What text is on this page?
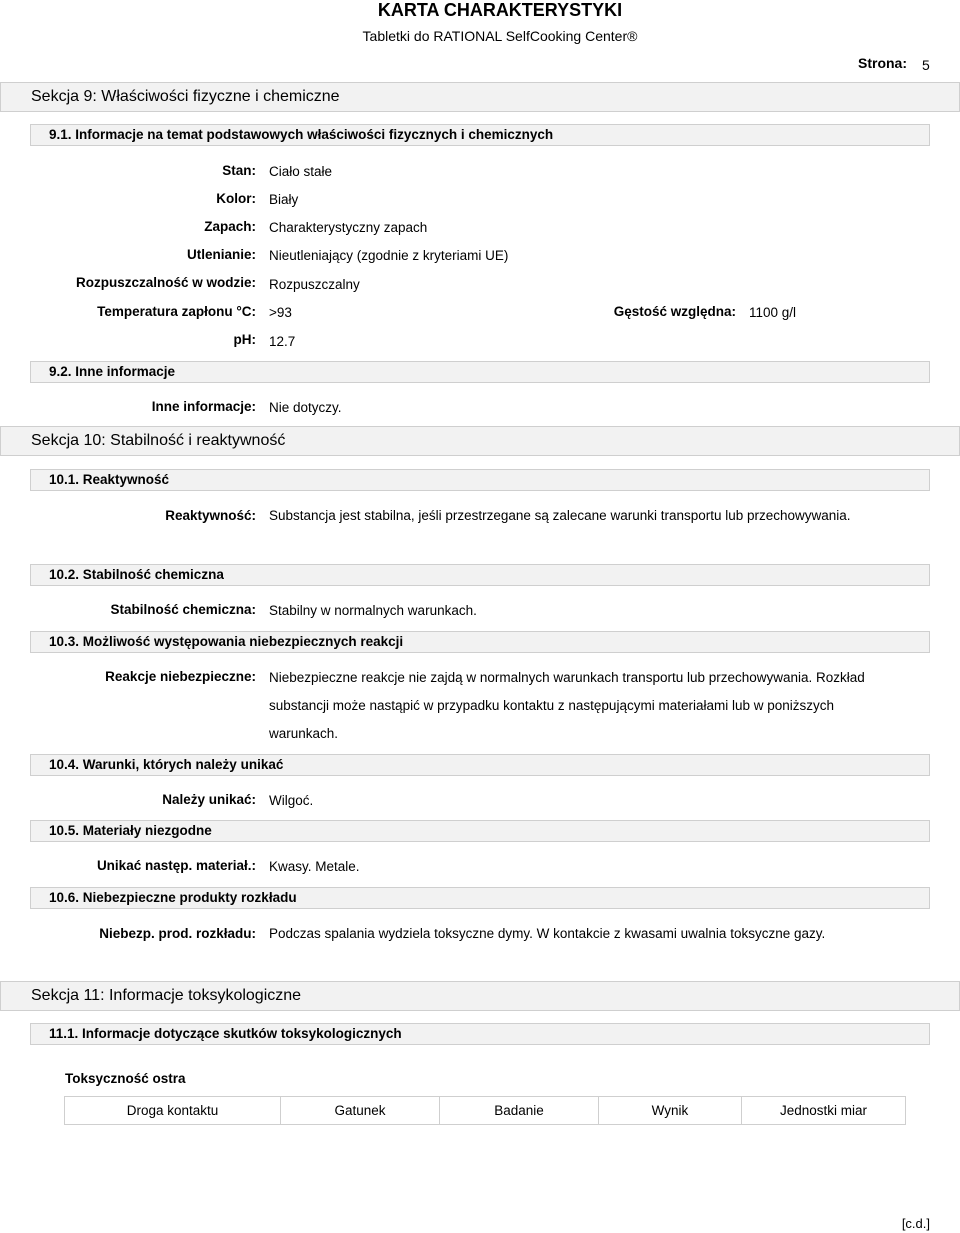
KARTA CHARAKTERYSTYKI
Tabletki do RATIONAL SelfCooking Center®
Strona: 5
Sekcja 9: Właściwości fizyczne i chemiczne
9.1. Informacje na temat podstawowych właściwości fizycznych i chemicznych
Stan: Ciało stałe
Kolor: Biały
Zapach: Charakterystyczny zapach
Utlenianie: Nieutleniający (zgodnie z kryteriami UE)
Rozpuszczalność w wodzie: Rozpuszczalny
Temperatura zapłonu °C: >93	Gęstość względna: 1100 g/l
pH: 12.7
9.2. Inne informacje
Inne informacje: Nie dotyczy.
Sekcja 10: Stabilność i reaktywność
10.1. Reaktywność
Reaktywność: Substancja jest stabilna, jeśli przestrzegane są zalecane warunki transportu lub przechowywania.
10.2. Stabilność chemiczna
Stabilność chemiczna: Stabilny w normalnych warunkach.
10.3. Możliwość występowania niebezpiecznych reakcji
Reakcje niebezpieczne: Niebezpieczne reakcje nie zajdą w normalnych warunkach transportu lub przechowywania. Rozkład substancji może nastąpić w przypadku kontaktu z następującymi materiałami lub w poniższych warunkach.
10.4. Warunki, których należy unikać
Należy unikać: Wilgoć.
10.5. Materiały niezgodne
Unikać następ. materiał.: Kwasy. Metale.
10.6. Niebezpieczne produkty rozkładu
Niebezp. prod. rozkładu: Podczas spalania wydziela toksyczne dymy. W kontakcie z kwasami uwalnia toksyczne gazy.
Sekcja 11: Informacje toksykologiczne
11.1. Informacje dotyczące skutków toksykologicznych
Toksyczność ostra
Droga kontaktu	Gatunek	Badanie	Wynik	Jednostki miar
[c.d.]
